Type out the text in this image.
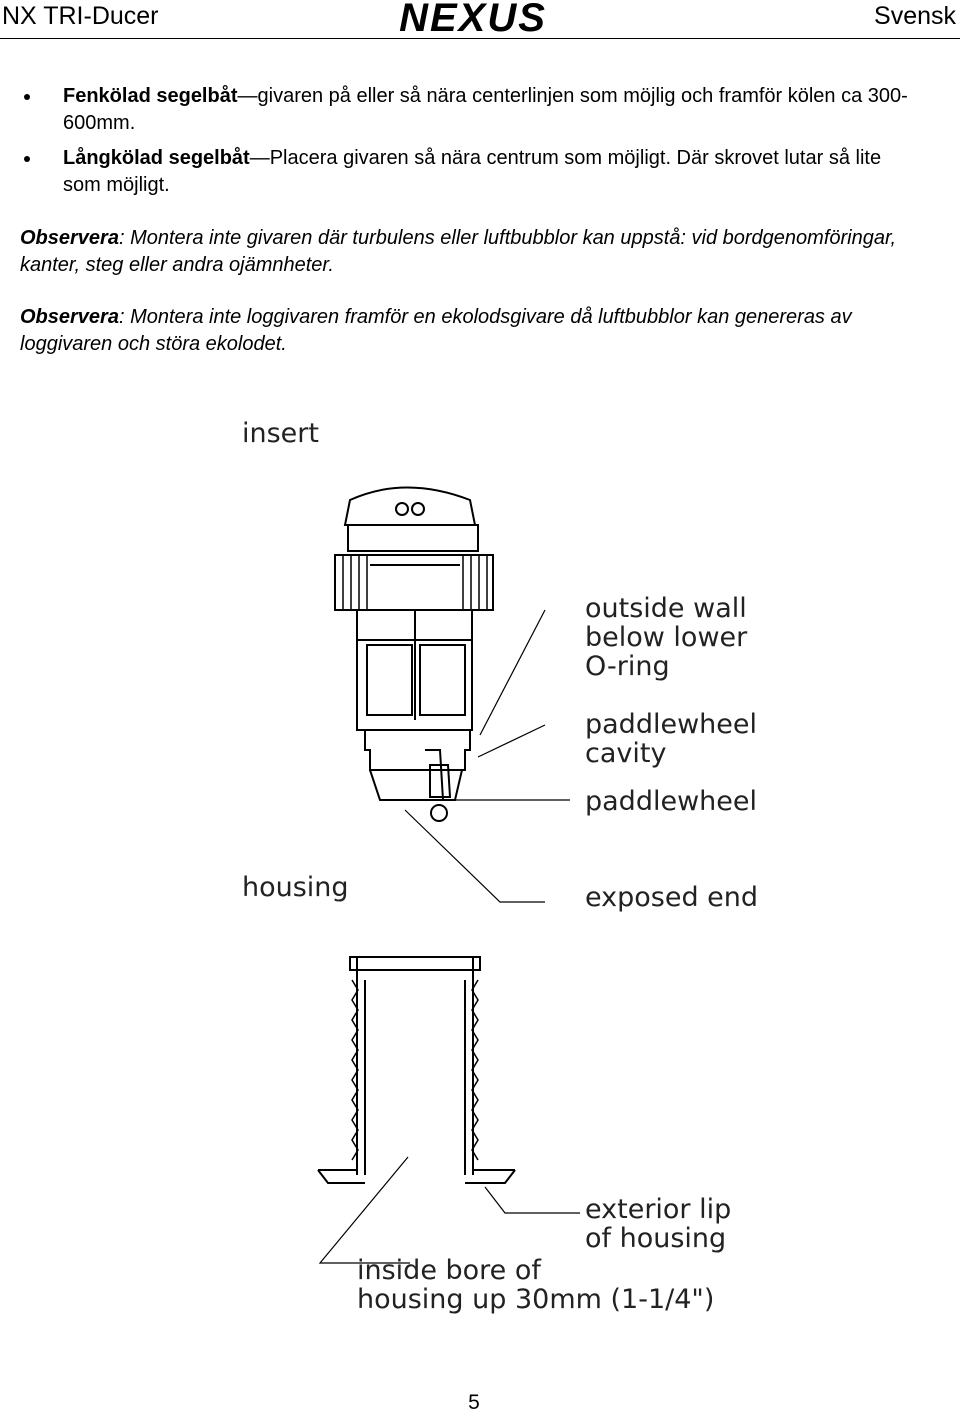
NX TRI-Ducer	NEXUS	Svensk
Fenkölad segelbåt—givaren på eller så nära centerlinjen som möjlig och framför kölen ca 300-600mm.
Långkölad segelbåt—Placera givaren så nära centrum som möjligt. Där skrovet lutar så lite som möjligt.

Observera: Montera inte givaren där turbulens eller luftbubblor kan uppstå: vid bordgenomföringar, kanter, steg eller andra ojämnheter.

Observera: Montera inte loggivaren framför en ekolodsgivare då luftbubblor kan genereras av loggivaren och störa ekolodet.

insert
outside wall
below lower
O-ring
paddlewheel
cavity
paddlewheel
housing	exposed end
exterior lip
of housing
inside bore of
housing up 30mm (1-1/4")
5
